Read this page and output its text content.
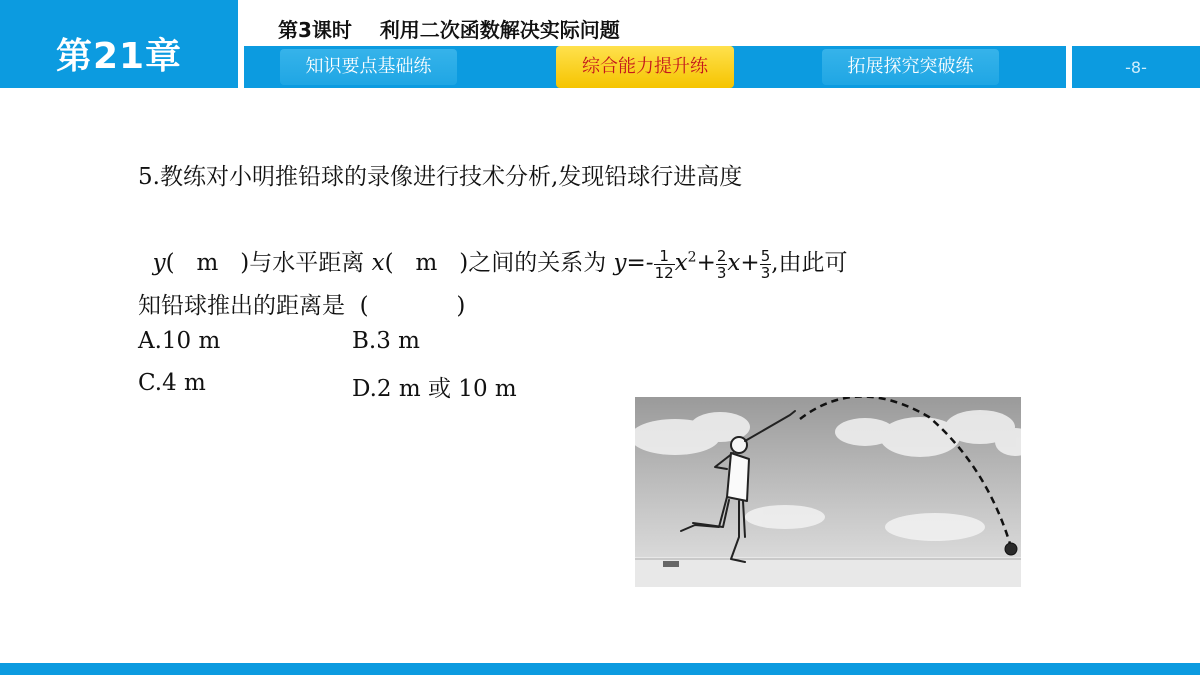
第21章
第3课时    利用二次函数解决实际问题
知识要点基础练	综合能力提升练	拓展探究突破练	-8-
5.教练对小明推铅球的录像进行技术分析,发现铅球行进高度

y( m )与水平距离 x( m )之间的关系为 $y=- \frac{1}{12} x^2+ \frac{2}{3} x+ \frac{5}{3}$ ,由此可

知铅球推出的距离是  (            )
A.10 m	B.3 m
C.4 m	D.2 m 或 10 m
